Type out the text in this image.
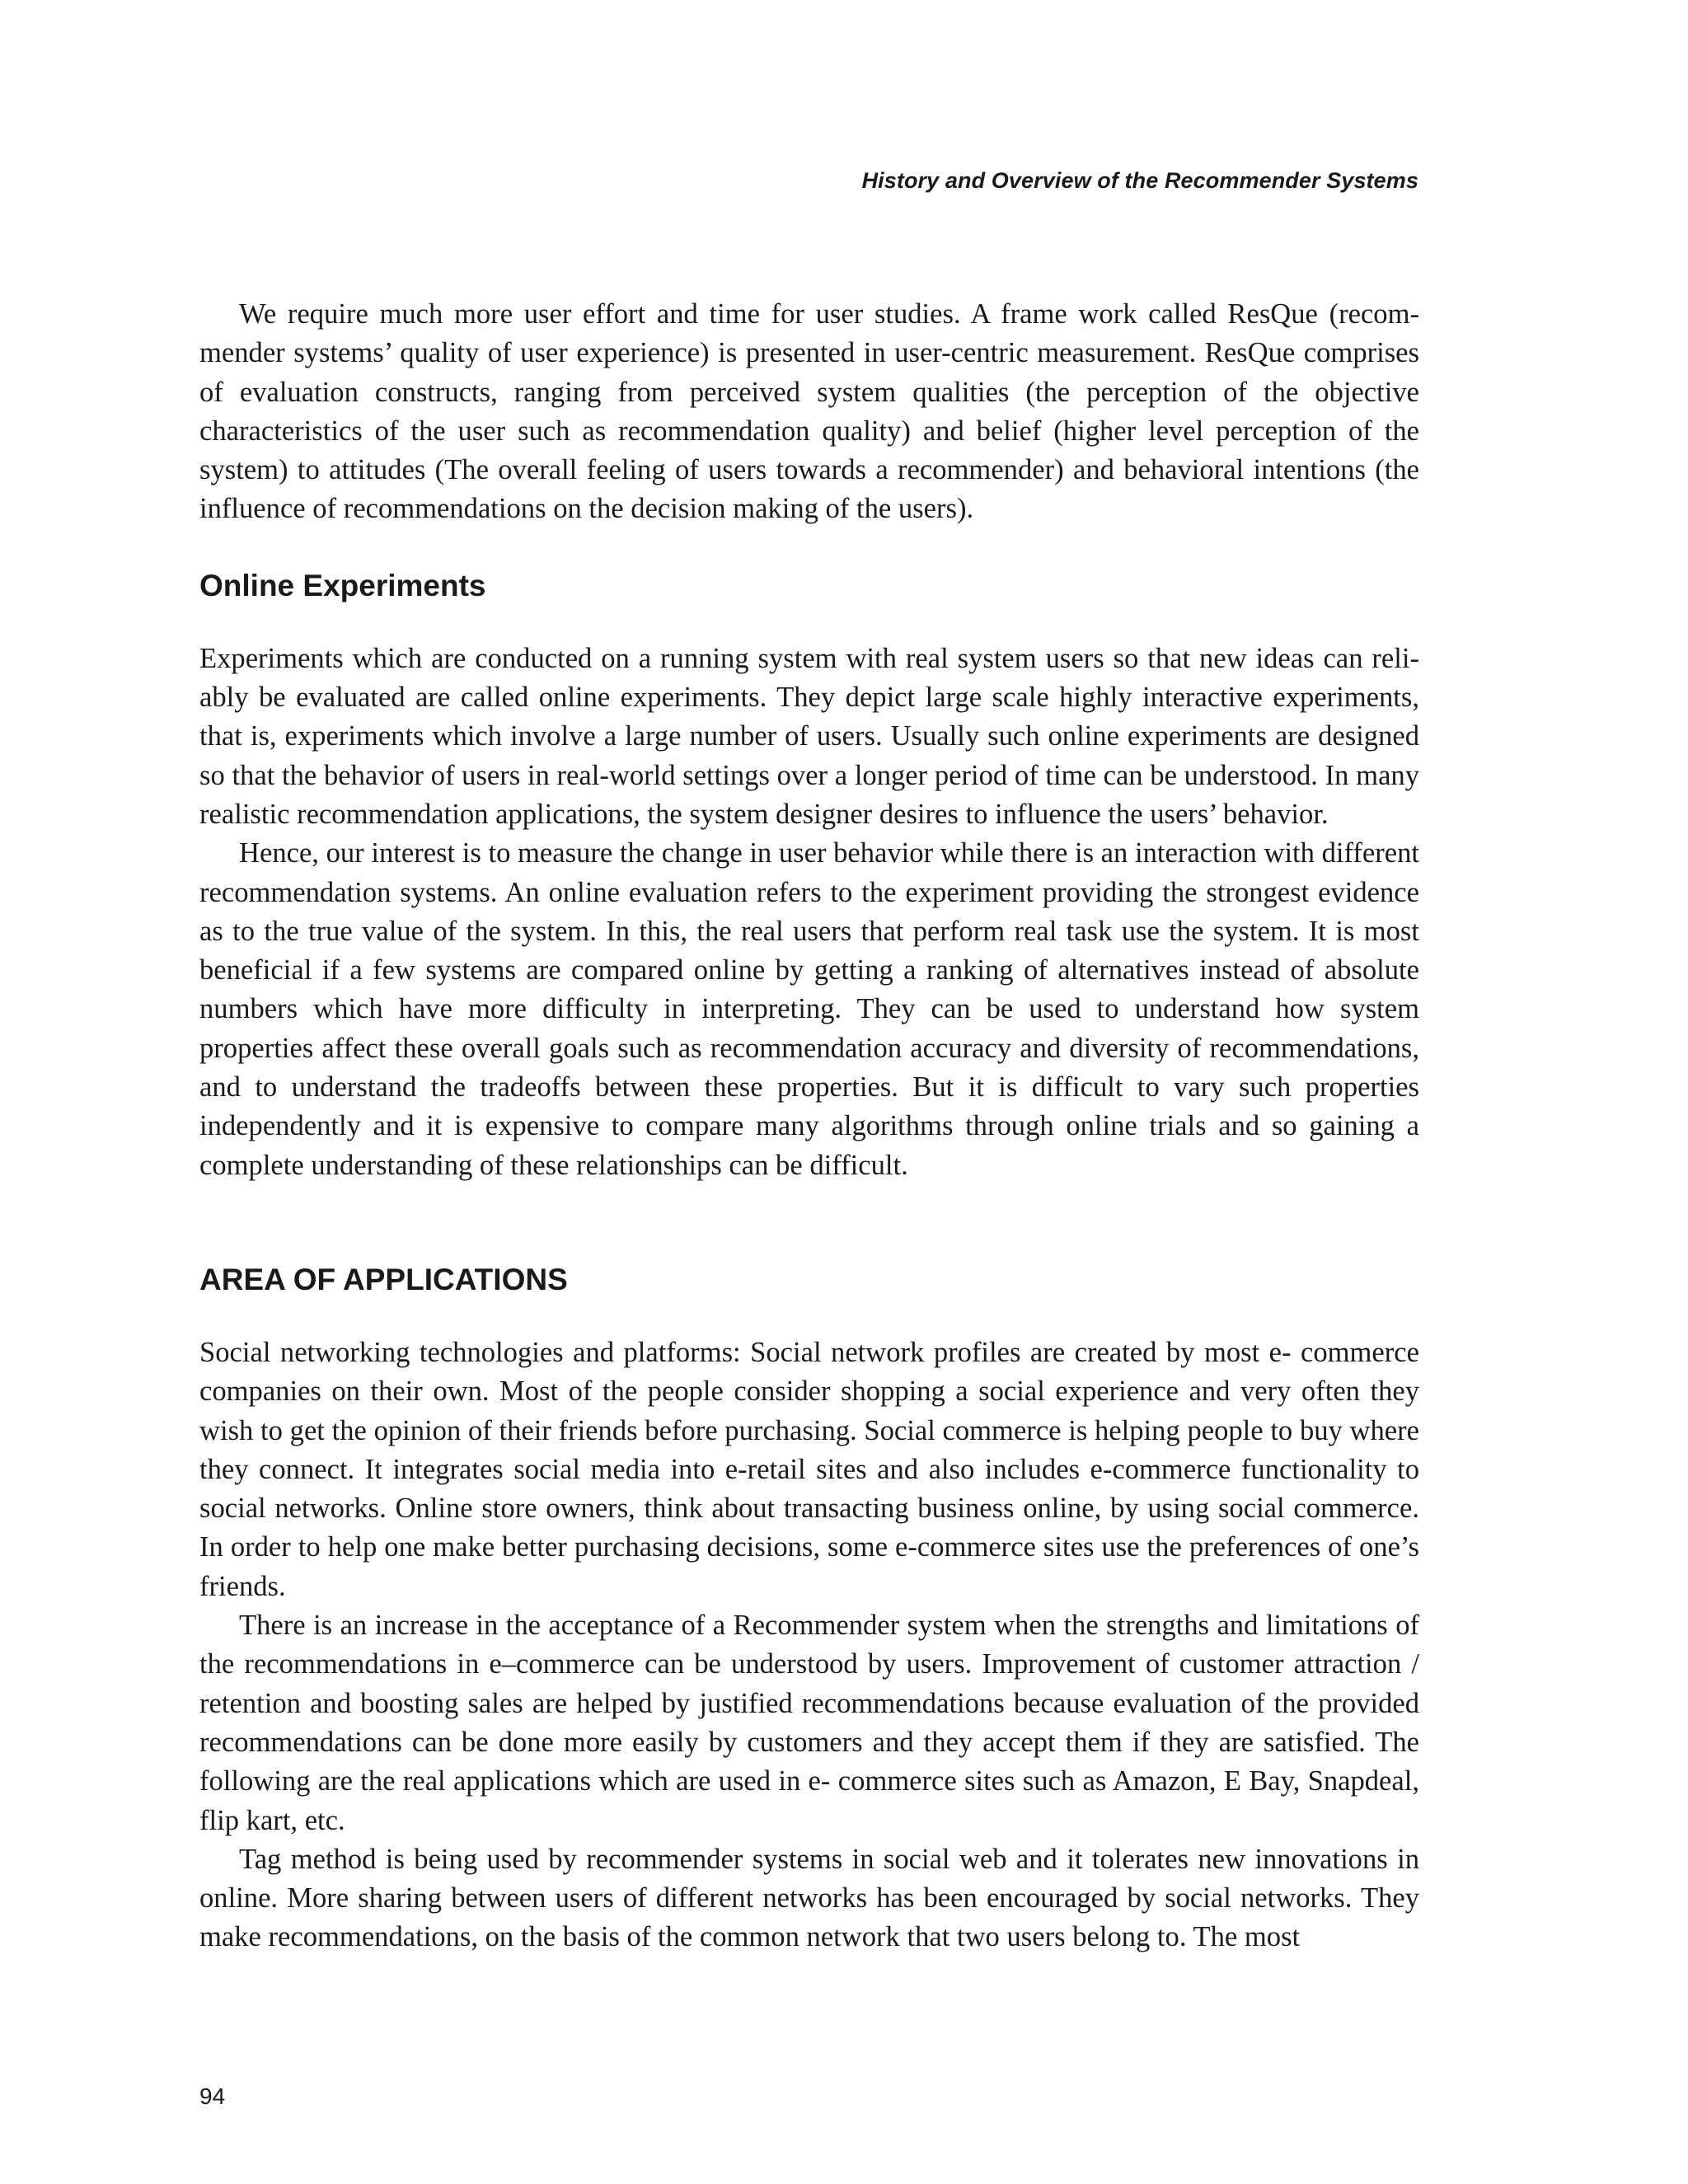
History and Overview of the Recommender Systems

We require much more user effort and time for user studies. A frame work called ResQue (recommender systems’ quality of user experience) is presented in user-centric measurement. ResQue comprises of evaluation constructs, ranging from perceived system qualities (the perception of the objective characteristics of the user such as recommendation quality) and belief (higher level perception of the system) to attitudes (The overall feeling of users towards a recommender) and behavioral intentions (the influence of recommendations on the decision making of the users).

Online Experiments

Experiments which are conducted on a running system with real system users so that new ideas can reliably be evaluated are called online experiments. They depict large scale highly interactive experiments, that is, experiments which involve a large number of users. Usually such online experiments are designed so that the behavior of users in real-world settings over a longer period of time can be understood. In many realistic recommendation applications, the system designer desires to influence the users’ behavior.

Hence, our interest is to measure the change in user behavior while there is an interaction with different recommendation systems. An online evaluation refers to the experiment providing the strongest evidence as to the true value of the system. In this, the real users that perform real task use the system. It is most beneficial if a few systems are compared online by getting a ranking of alternatives instead of absolute numbers which have more difficulty in interpreting. They can be used to understand how system properties affect these overall goals such as recommendation accuracy and diversity of recommendations, and to understand the tradeoffs between these properties. But it is difficult to vary such properties independently and it is expensive to compare many algorithms through online trials and so gaining a complete understanding of these relationships can be difficult.

AREA OF APPLICATIONS

Social networking technologies and platforms: Social network profiles are created by most e- commerce companies on their own. Most of the people consider shopping a social experience and very often they wish to get the opinion of their friends before purchasing. Social commerce is helping people to buy where they connect. It integrates social media into e-retail sites and also includes e-commerce functionality to social networks. Online store owners, think about transacting business online, by using social commerce. In order to help one make better purchasing decisions, some e-commerce sites use the preferences of one’s friends.

There is an increase in the acceptance of a Recommender system when the strengths and limitations of the recommendations in e–commerce can be understood by users. Improvement of customer attraction / retention and boosting sales are helped by justified recommendations because evaluation of the provided recommendations can be done more easily by customers and they accept them if they are satisfied. The following are the real applications which are used in e- commerce sites such as Amazon, E Bay, Snapdeal, flip kart, etc.

Tag method is being used by recommender systems in social web and it tolerates new innovations in online. More sharing between users of different networks has been encouraged by social networks. They make recommendations, on the basis of the common network that two users belong to. The most

94
